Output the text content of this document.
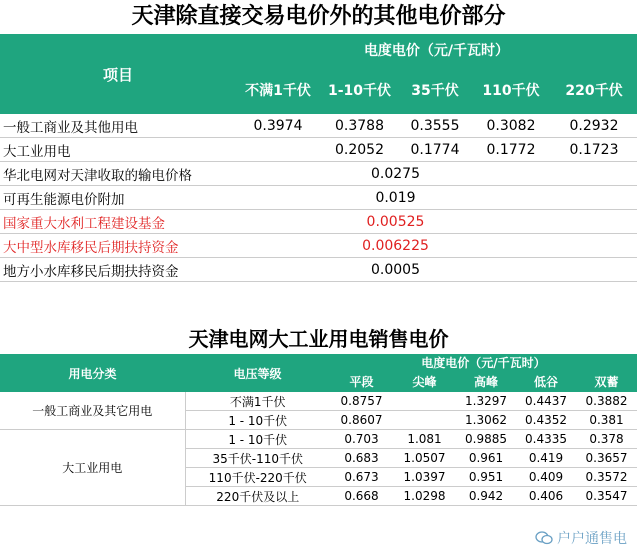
天津除直接交易电价外的其他电价部分
项目	电度电价（元/千瓦时）				
	不满1千伏	1-10千伏	35千伏	110千伏	220千伏
一般工商业及其他用电	0.3974	0.3788	0.3555	0.3082	0.2932
大工业用电		0.2052	0.1774	0.1772	0.1723
华北电网对天津收取的输电价格		0.0275			
可再生能源电价附加		0.019			
国家重大水利工程建设基金		0.00525			
大中型水库移民后期扶持资金		0.006225			
地方小水库移民后期扶持资金		0.0005			
天津电网大工业用电销售电价
用电分类	电压等级	电度电价（元/千瓦时）				
		平段	尖峰	高峰	低谷	双蓄
一般工商业及其它用电	不满1千伏	0.8757		1.3297	0.4437	0.3882
	1 - 10千伏	0.8607		1.3062	0.4352	0.381
大工业用电	1 - 10千伏	0.703	1.081	0.9885	0.4335	0.378
	35千伏-110千伏	0.683	1.0507	0.961	0.419	0.3657
	110千伏-220千伏	0.673	1.0397	0.951	0.409	0.3572
	220千伏及以上	0.668	1.0298	0.942	0.406	0.3547
户户通售电
